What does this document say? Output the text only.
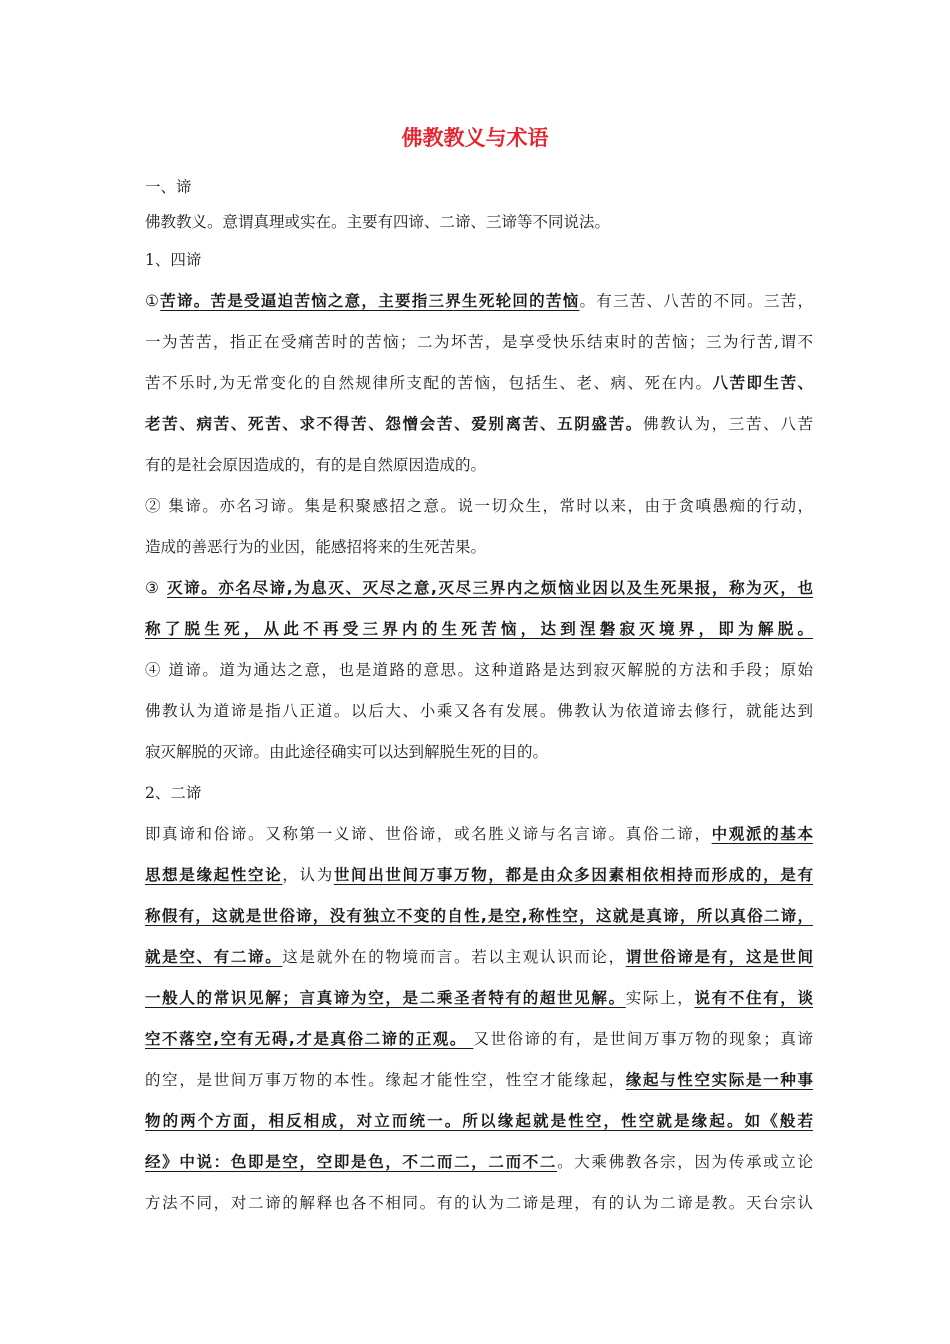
佛教教义与术语
一、谛
佛教教义。意谓真理或实在。主要有四谛、二谛、三谛等不同说法。
1、四谛
①苦谛。苦是受逼迫苦恼之意，主要指三界生死轮回的苦恼。有三苦、八苦的不同。三苦，
一为苦苦，指正在受痛苦时的苦恼；二为坏苦，是享受快乐结束时的苦恼；三为行苦,谓不
苦不乐时,为无常变化的自然规律所支配的苦恼，包括生、老、病、死在内。八苦即生苦、
老苦、病苦、死苦、求不得苦、怨憎会苦、爱别离苦、五阴盛苦。佛教认为，三苦、八苦
有的是社会原因造成的，有的是自然原因造成的。
② 集谛。亦名习谛。集是积聚感招之意。说一切众生，常时以来，由于贪嗔愚痴的行动，
造成的善恶行为的业因，能感招将来的生死苦果。
③ 灭谛。亦名尽谛,为息灭、灭尽之意,灭尽三界内之烦恼业因以及生死果报，称为灭，也
称了脱生死，从此不再受三界内的生死苦恼，达到涅磐寂灭境界，即为解脱。
④ 道谛。道为通达之意，也是道路的意思。这种道路是达到寂灭解脱的方法和手段；原始
佛教认为道谛是指八正道。以后大、小乘又各有发展。佛教认为依道谛去修行，就能达到
寂灭解脱的灭谛。由此途径确实可以达到解脱生死的目的。
2、二谛
即真谛和俗谛。又称第一义谛、世俗谛，或名胜义谛与名言谛。真俗二谛，中观派的基本
思想是缘起性空论，认为世间出世间万事万物，都是由众多因素相依相持而形成的，是有
称假有，这就是世俗谛，没有独立不变的自性,是空,称性空，这就是真谛，所以真俗二谛，
就是空、有二谛。这是就外在的物境而言。若以主观认识而论，谓世俗谛是有，这是世间
一般人的常识见解；言真谛为空，是二乘圣者特有的超世见解。实际上，说有不住有，谈
空不落空,空有无碍,才是真俗二谛的正观。 又世俗谛的有，是世间万事万物的现象；真谛
的空，是世间万事万物的本性。缘起才能性空，性空才能缘起，缘起与性空实际是一种事
物的两个方面，相反相成，对立而统一。所以缘起就是性空，性空就是缘起。如《般若
经》中说：色即是空，空即是色，不二而二，二而不二。大乘佛教各宗，因为传承或立论
方法不同，对二谛的解释也各不相同。有的认为二谛是理，有的认为二谛是教。天台宗认
